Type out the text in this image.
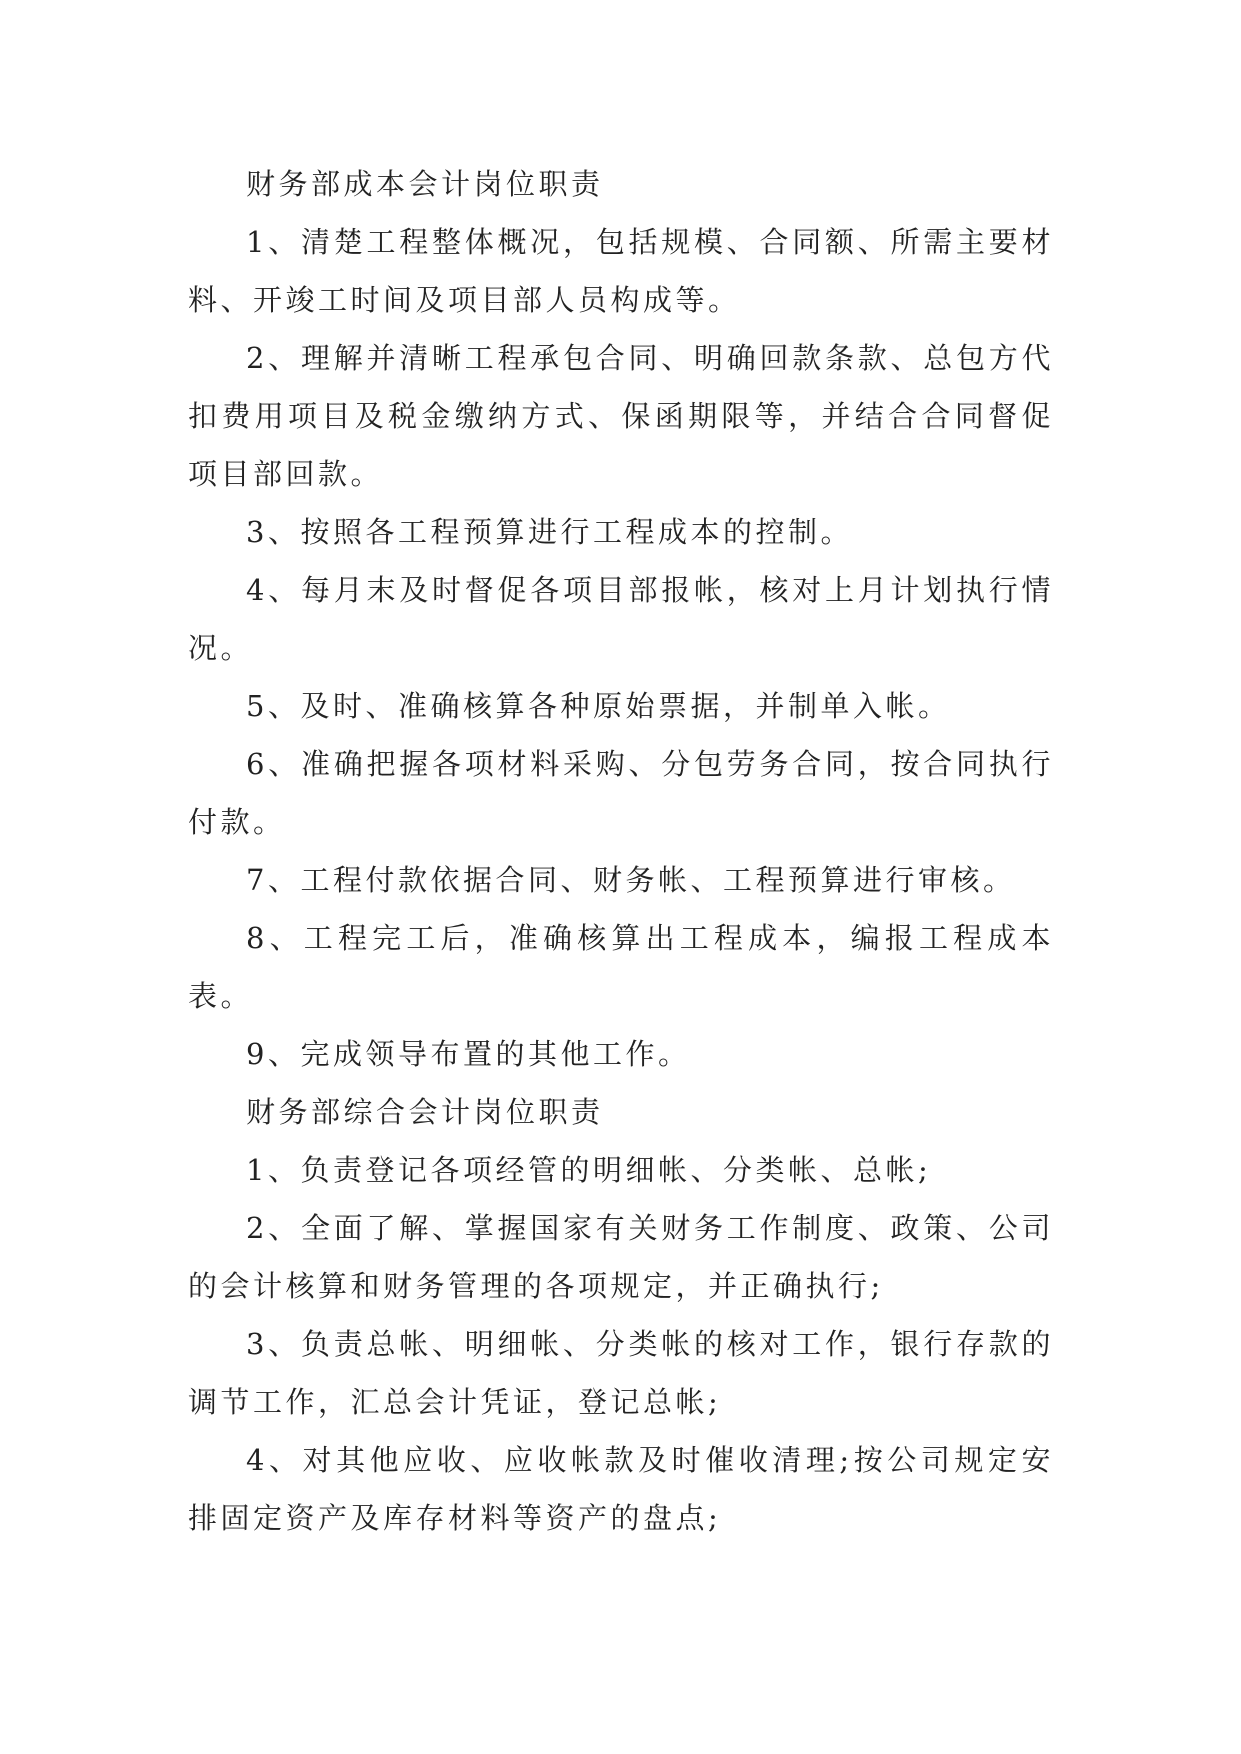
财务部成本会计岗位职责

1、清楚工程整体概况，包括规模、合同额、所需主要材料、开竣工时间及项目部人员构成等。

2、理解并清晰工程承包合同、明确回款条款、总包方代扣费用项目及税金缴纳方式、保函期限等，并结合合同督促项目部回款。

3、按照各工程预算进行工程成本的控制。

4、每月末及时督促各项目部报帐，核对上月计划执行情况。

5、及时、准确核算各种原始票据，并制单入帐。

6、准确把握各项材料采购、分包劳务合同，按合同执行付款。

7、工程付款依据合同、财务帐、工程预算进行审核。

8、工程完工后，准确核算出工程成本，编报工程成本表。

9、完成领导布置的其他工作。

财务部综合会计岗位职责

1、负责登记各项经管的明细帐、分类帐、总帐;

2、全面了解、掌握国家有关财务工作制度、政策、公司的会计核算和财务管理的各项规定，并正确执行;

3、负责总帐、明细帐、分类帐的核对工作，银行存款的调节工作，汇总会计凭证，登记总帐;

4、对其他应收、应收帐款及时催收清理;按公司规定安排固定资产及库存材料等资产的盘点;
